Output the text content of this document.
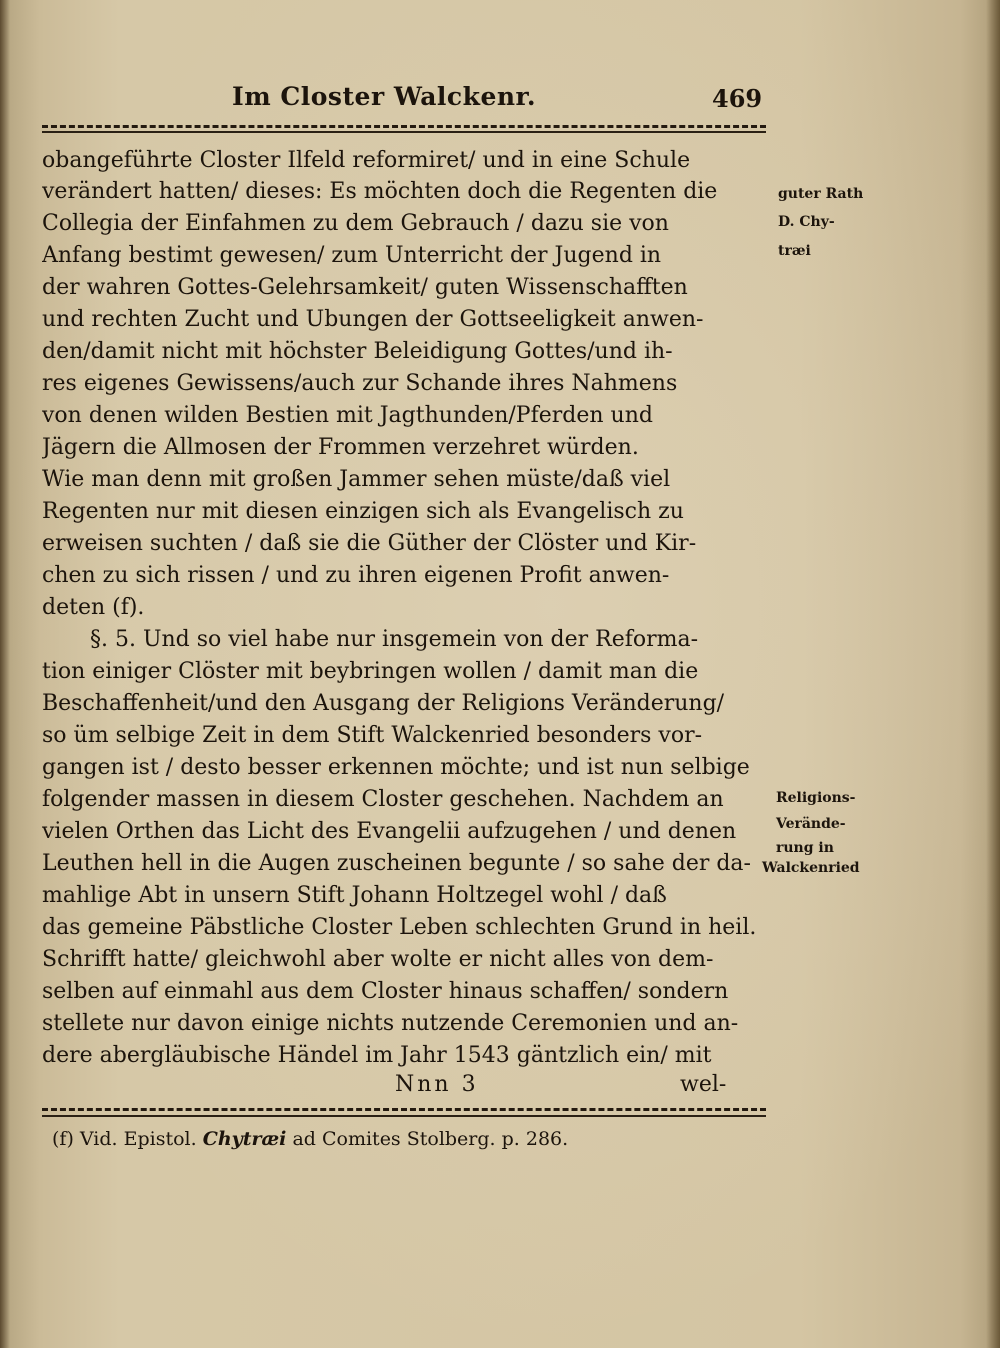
Im Closter Walckenr.	469
obangeführte Closter Ilfeld reformiret/ und in eine Schule
verändert hatten/ dieses: Es möchten doch die Regenten die
Collegia der Einfahmen zu dem Gebrauch / dazu sie von
Anfang bestimt gewesen/ zum Unterricht der Jugend in
der wahren Gottes-Gelehrsamkeit/ guten Wissenschafften
und rechten Zucht und Ubungen der Gottseeligkeit anwen-
den/damit nicht mit höchster Beleidigung Gottes/und ih-
res eigenes Gewissens/auch zur Schande ihres Nahmens
von denen wilden Bestien mit Jagthunden/Pferden und
Jägern die Allmosen der Frommen verzehret würden.
Wie man denn mit großen Jammer sehen müste/daß viel
Regenten nur mit diesen einzigen sich als Evangelisch zu
erweisen suchten / daß sie die Güther der Clöster und Kir-
chen zu sich rissen / und zu ihren eigenen Profit anwen-
deten (f).
§. 5. Und so viel habe nur insgemein von der Reforma-
tion einiger Clöster mit beybringen wollen / damit man die
Beschaffenheit/und den Ausgang der Religions Veränderung/
so üm selbige Zeit in dem Stift Walckenried besonders vor-
gangen ist / desto besser erkennen möchte; und ist nun selbige
folgender massen in diesem Closter geschehen. Nachdem an
vielen Orthen das Licht des Evangelii aufzugehen / und denen
Leuthen hell in die Augen zuscheinen begunte / so sahe der da-
mahlige Abt in unsern Stift Johann Holtzegel wohl / daß
das gemeine Päbstliche Closter Leben schlechten Grund in heil.
Schrifft hatte/ gleichwohl aber wolte er nicht alles von dem-
selben auf einmahl aus dem Closter hinaus schaffen/ sondern
stellete nur davon einige nichts nutzende Ceremonien und an-
dere abergläubische Händel im Jahr 1543 gäntzlich ein/ mit
guter Rath
D. Chy-
træi
Religions-
Verände-
rung in
Walckenried
Nnn 3	wel-
(f) Vid. Epistol. Chytræi ad Comites Stolberg. p. 286.
